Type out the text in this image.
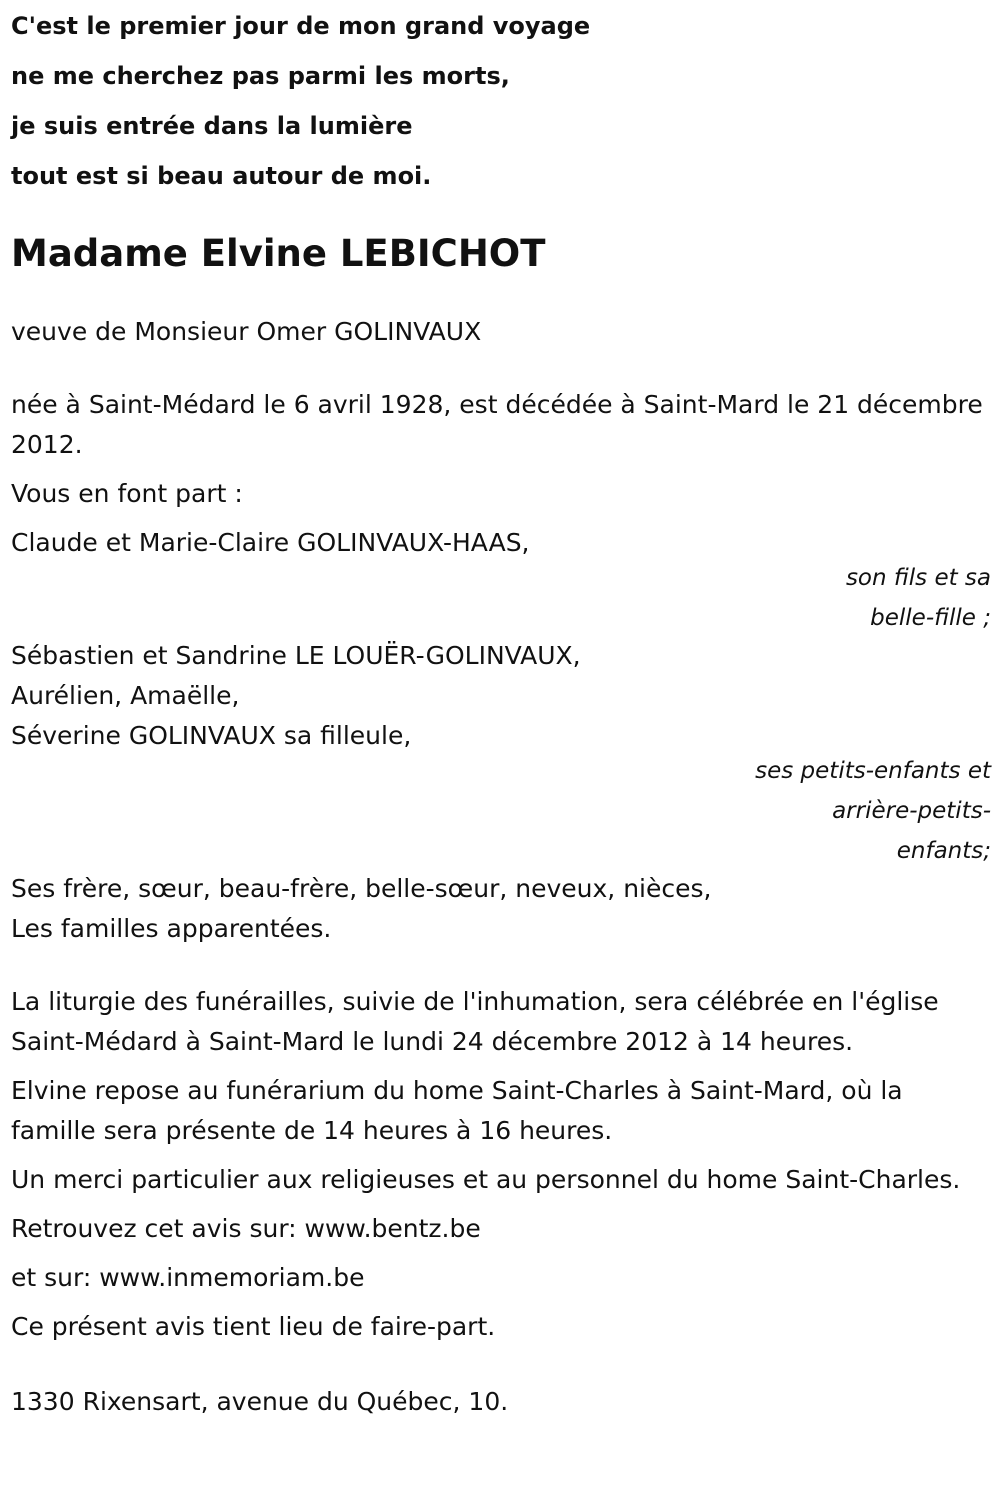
C'est le premier jour de mon grand voyage
ne me cherchez pas parmi les morts,
je suis entrée dans la lumière
tout est si beau autour de moi.
Madame Elvine LEBICHOT

veuve de Monsieur Omer GOLINVAUX

née à Saint-Médard le 6 avril 1928, est décédée à Saint-Mard le 21 décembre 2012.

Vous en font part :

Claude et Marie-Claire GOLINVAUX-HAAS,

son fils et sa belle-fille ;

Sébastien et Sandrine LE LOUËR-GOLINVAUX,

Aurélien, Amaëlle,

Séverine GOLINVAUX sa filleule,

ses petits-enfants et arrière-petits-enfants;

Ses frère, sœur, beau-frère, belle-sœur, neveux, nièces,

Les familles apparentées.

La liturgie des funérailles, suivie de l'inhumation, sera célébrée en l'église Saint-Médard à Saint-Mard le lundi 24 décembre 2012 à 14 heures.

Elvine repose au funérarium du home Saint-Charles à Saint-Mard, où la famille sera présente de 14 heures à 16 heures.

Un merci particulier aux religieuses et au personnel du home Saint-Charles.

Retrouvez cet avis sur: www.bentz.be

et sur: www.inmemoriam.be

Ce présent avis tient lieu de faire-part.

1330 Rixensart, avenue du Québec, 10.
